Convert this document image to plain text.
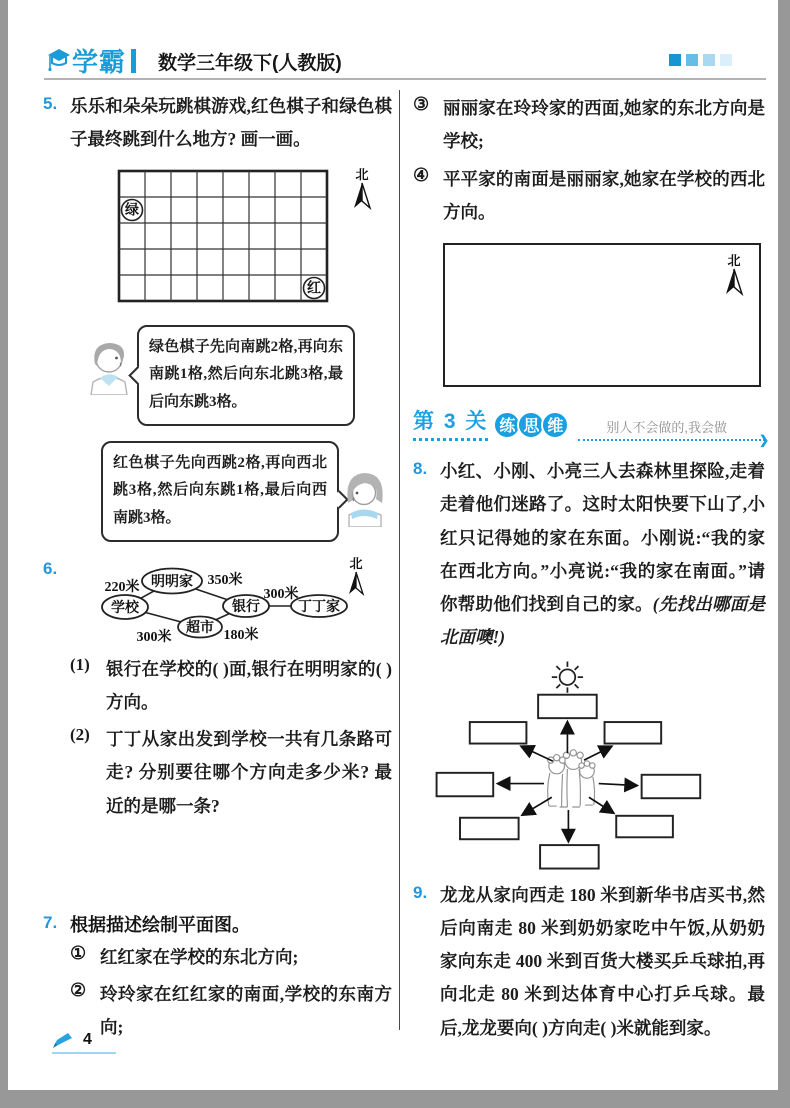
学霸 数学三年级下(人教版)
5. 乐乐和朵朵玩跳棋游戏,红色棋子和绿色棋子最终跳到什么地方? 画一画。
绿
红
北
绿色棋子先向南跳2格,再向东南跳1格,然后向东北跳3格,最后向东跳3格。
红色棋子先向西跳2格,再向西北跳3格,然后向东跳1格,最后向西南跳3格。
6.
明明家
学校
超市
银行	丁丁家
220米	350米
300米
300米	180米
北
(1) 银行在学校的( )面,银行在明明家的( )方向。
(2) 丁丁从家出发到学校一共有几条路可走? 分别要往哪个方向走多少米? 最近的是哪一条?
7. 根据描述绘制平面图。
① 红红家在学校的东北方向;
② 玲玲家在红红家的南面,学校的东南方向;
③ 丽丽家在玲玲家的西面,她家的东北方向是学校;
④ 平平家的南面是丽丽家,她家在学校的西北方向。
北
第 3 关 练 思 维	别人不会做的,我会做
❯
8. 小红、小刚、小亮三人去森林里探险,走着走着他们迷路了。这时太阳快要下山了,小红只记得她的家在东面。小刚说:“我的家在西北方向。”小亮说:“我的家在南面。”请你帮助他们找到自己的家。(先找出哪面是北面噢!)
9. 龙龙从家向西走 180 米到新华书店买书,然后向南走 80 米到奶奶家吃中午饭,从奶奶家向东走 400 米到百货大楼买乒乓球拍,再向北走 80 米到达体育中心打乒乓球。最后,龙龙要向( )方向走( )米就能到家。
4
